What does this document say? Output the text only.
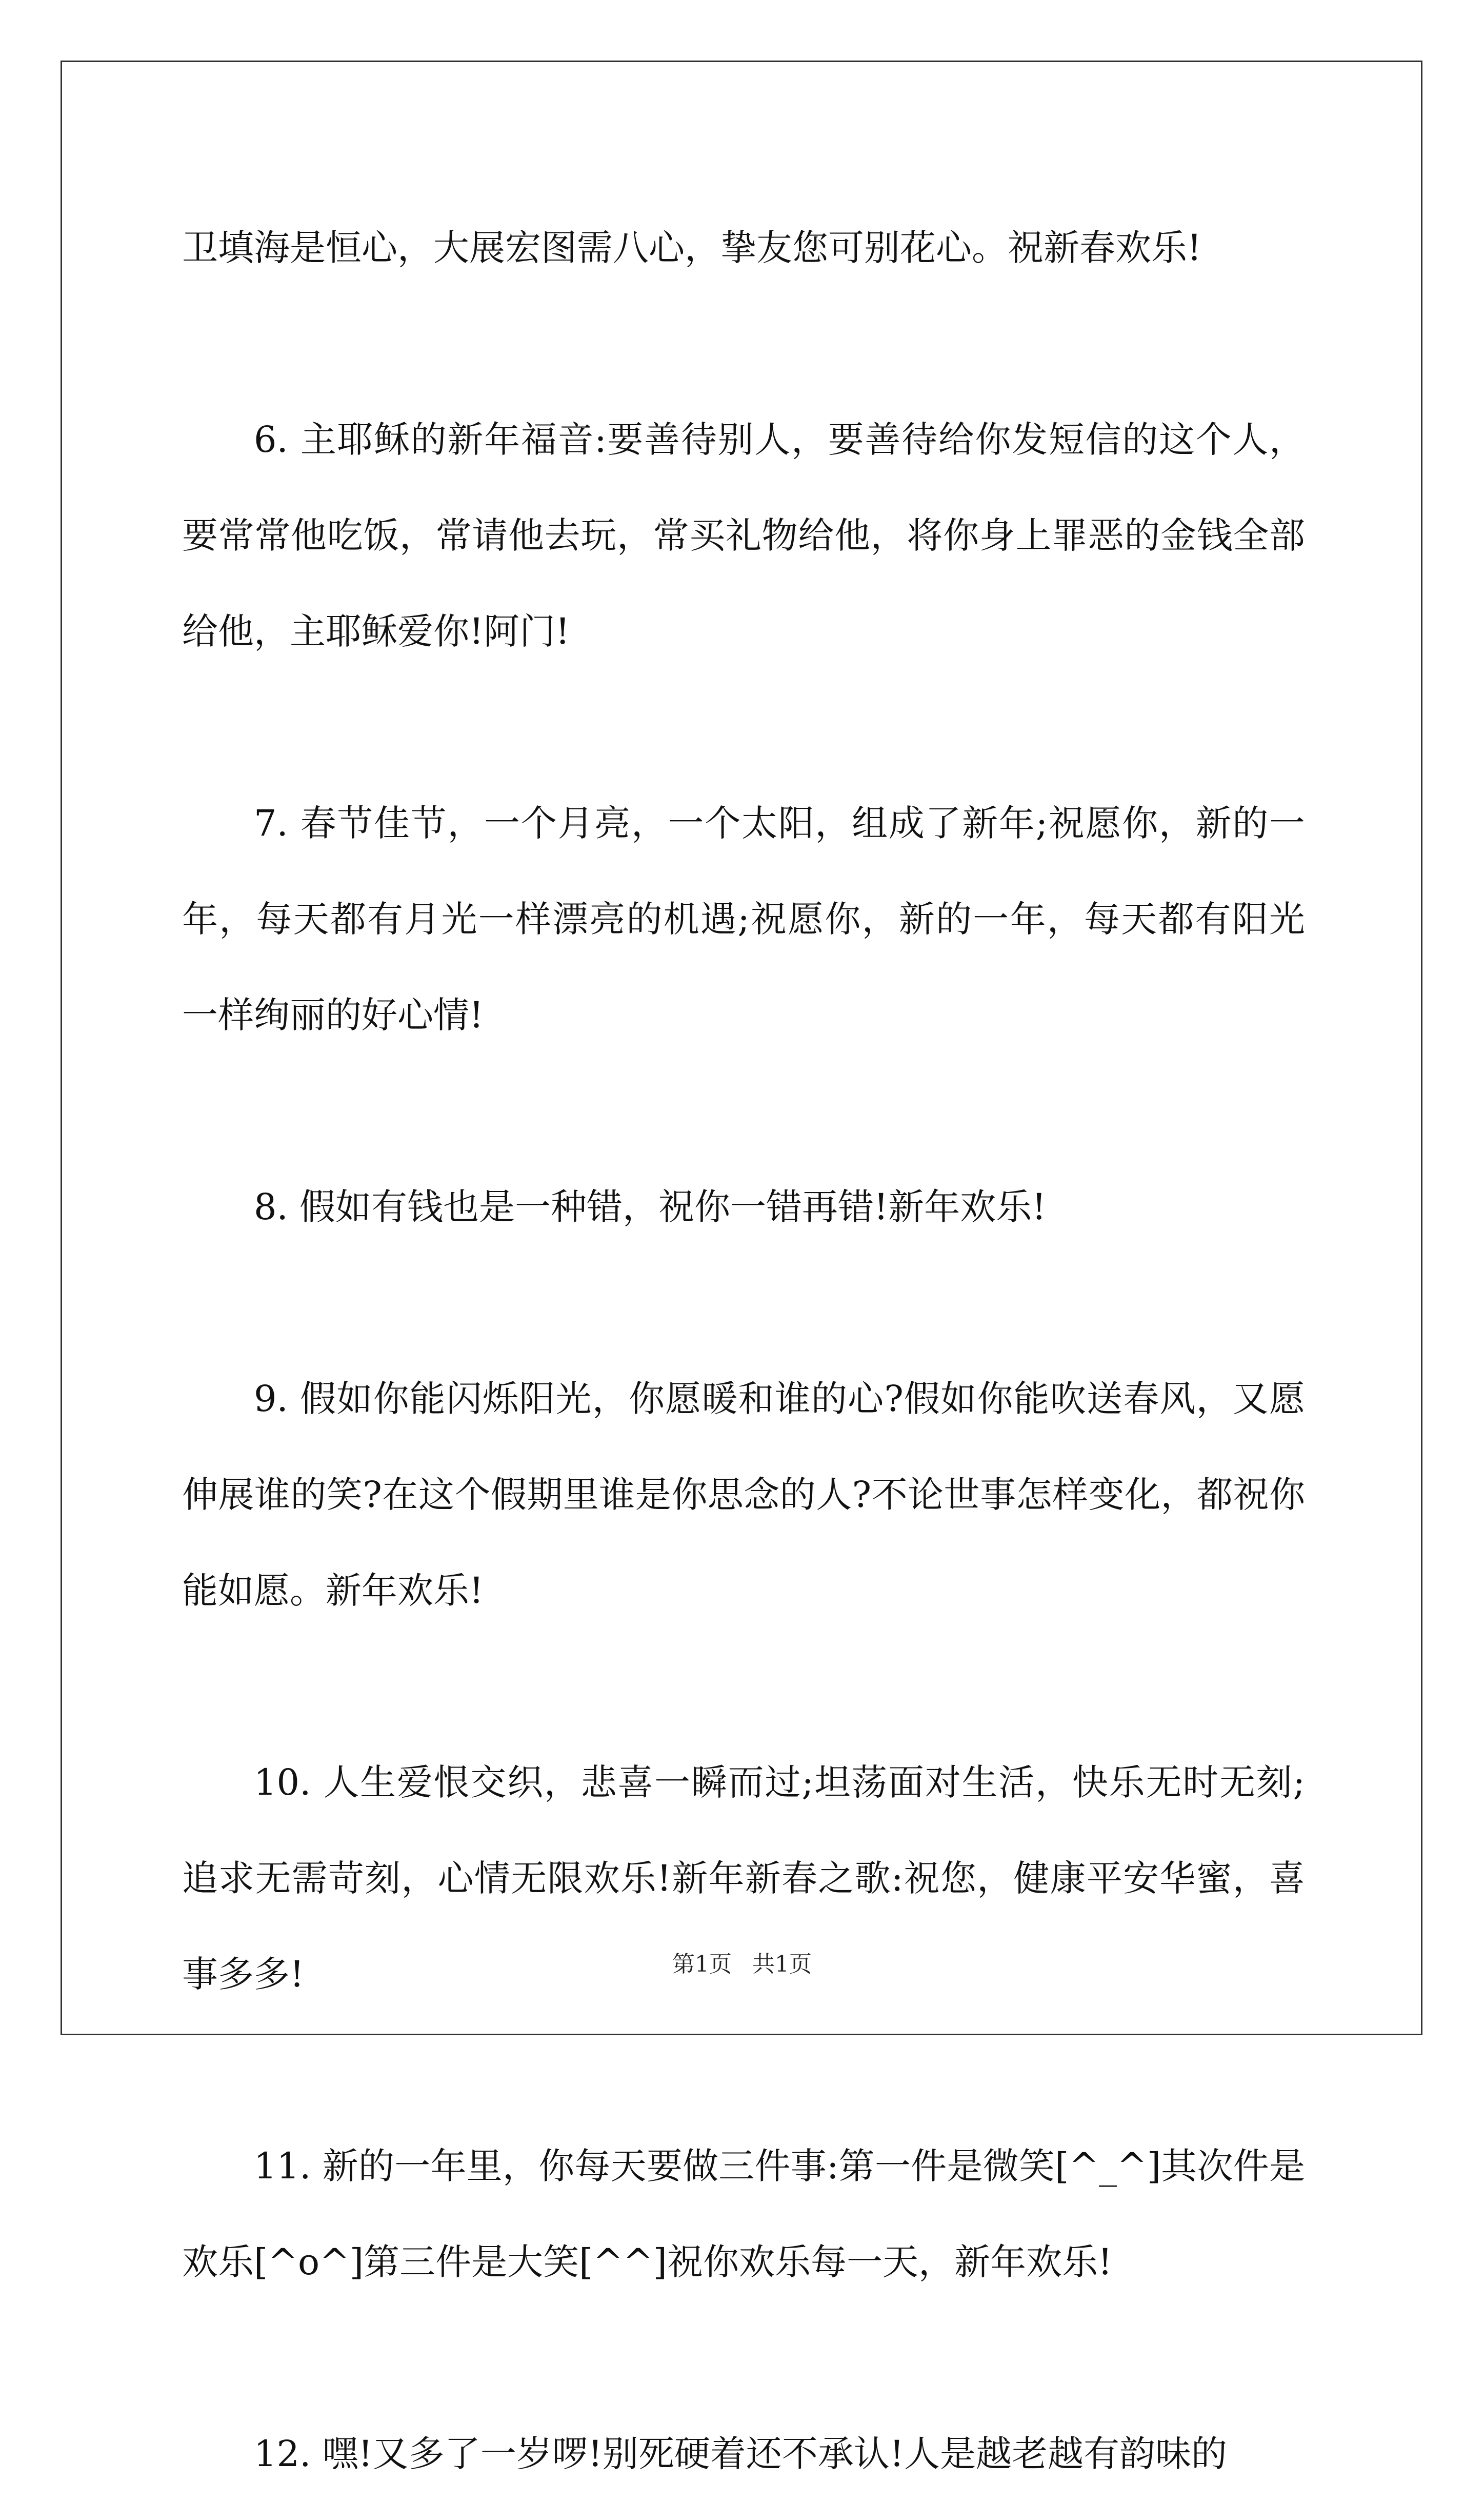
卫填海是恒心，大展宏图需八心，挚友您可别花心。祝新春欢乐!

6. 主耶稣的新年福音:要善待别人，要善待给你发短信的这个人，要常常他吃饭，常请他去玩，常买礼物给他，将你身上罪恶的金钱全部给他，主耶稣爱你!阿门!

7. 春节佳节，一个月亮，一个太阳，组成了新年;祝愿你，新的一年，每天都有月光一样漂亮的机遇;祝愿你，新的一年，每天都有阳光一样绚丽的好心情!

8. 假如有钱也是一种错，祝你一错再错!新年欢乐!

9. 假如你能闪烁阳光，你愿暖和谁的心?假如你能吹送春风，又愿伸展谁的笑?在这个假期里谁是你思念的人?不论世事怎样变化，都祝你能如愿。新年欢乐!

10. 人生爱恨交织，悲喜一瞬而过;坦荡面对生活，快乐无时无刻;追求无需苛刻，心情无限欢乐!新年新春之歌:祝您，健康平安华蜜，喜事多多!

11. 新的一年里，你每天要做三件事:第一件是微笑[^_^]其次件是欢乐[^o^]第三件是大笑[^^]祝你欢乐每一天，新年欢乐!

12. 嘿!又多了一岁啰!别死硬着还不承认!人是越老越有韵味的

第1页 共1页
